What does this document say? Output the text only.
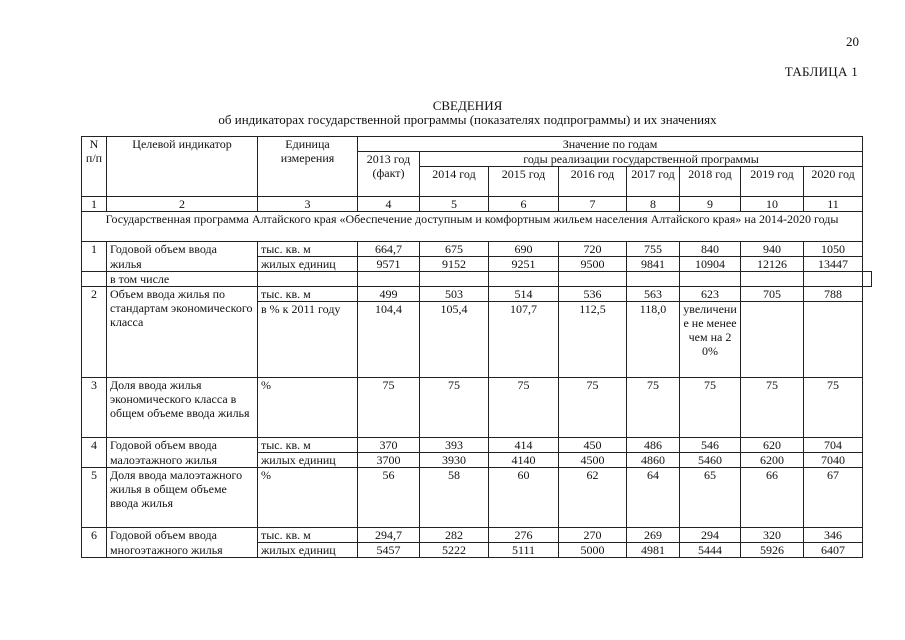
20
ТАБЛИЦА 1
СВЕДЕНИЯ
об индикаторах государственной программы (показателях подпрограммы) и их значениях
N п/п	Целевой индикатор	Единица измерения	Значение по годам								
			2013 год (факт)	годы реализации государственной программы							
				2014 год	2015 год	2016 год	2017 год	2018 год	2019 год	2020 год	
1	2	3	4	5	6	7	8	9	10	11	
Государственная программа Алтайского края «Обеспечение доступным и комфортным жильем населения Алтайского края» на 2014-2020 годы											
1	Годовой объем ввода	тыс. кв. м	664,7	675	690	720	755	840	940	1050	
	жилья	жилых единиц	9571	9152	9251	9500	9841	10904	12126	13447	
	в том числе										
2	Объем ввода жилья по стандартам экономического класса	тыс. кв. м	499	503	514	536	563	623	705	788	
		в % к 2011 году	104,4	105,4	107,7	112,5	118,0	увеличение не менее чем на 20%			
3	Доля ввода жилья экономического класса в общем объеме ввода жилья	%	75	75	75	75	75	75	75	75	
4	Годовой объем ввода	тыс. кв. м	370	393	414	450	486	546	620	704	
	малоэтажного жилья	жилых единиц	3700	3930	4140	4500	4860	5460	6200	7040	
5	Доля ввода малоэтажного жилья в общем объеме ввода жилья	%	56	58	60	62	64	65	66	67	
6	Годовой объем ввода	тыс. кв. м	294,7	282	276	270	269	294	320	346	
	многоэтажного жилья	жилых единиц	5457	5222	5111	5000	4981	5444	5926	6407	
